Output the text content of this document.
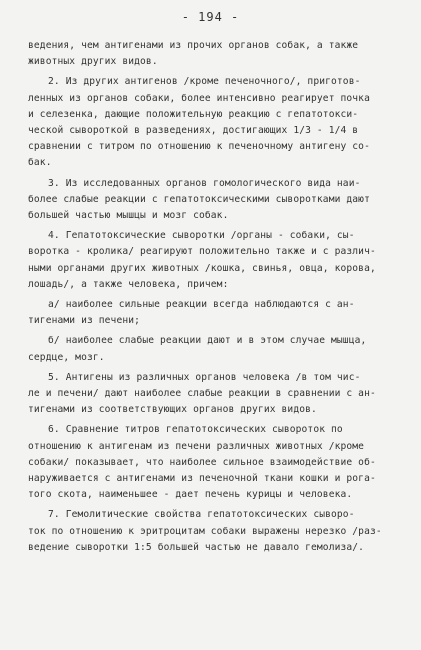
- 194 -
ведения, чем антигенами из прочих органов собак, а также
животных других видов.
2. Из других антигенов /кроме печеночного/, приготов-
ленных из органов собаки, более интенсивно реагирует почка
и селезенка, дающие положительную реакцию с гепатотокси-
ческой сывороткой в разведениях, достигающих 1/3 - 1/4 в
сравнении с титром по отношению к печеночному антигену со-
бак.
3. Из исследованных органов гомологического вида наи-
более слабые реакции с гепатотоксическими сыворотками дают
большей частью мышцы и мозг собак.
4. Гепатотоксические сыворотки /органы - собаки, сы-
воротка - кролика/ реагируют положительно также и с различ-
ными органами других животных /кошка, свинья, овца, корова,
лошадь/, а также человека, причем:
а/ наиболее сильные реакции всегда наблюдаются с ан-
тигенами из печени;
б/ наиболее слабые реакции дают и в этом случае мышца,
сердце, мозг.
5. Антигены из различных органов человека /в том чис-
ле и печени/ дают наиболее слабые реакции в сравнении с ан-
тигенами из соответствующих органов других видов.
6. Сравнение титров гепатотоксических сывороток по
отношению к антигенам из печени различных животных /кроме
собаки/ показывает, что наиболее сильное взаимодействие об-
наруживается с антигенами из печеночной ткани кошки и рога-
того скота, наименьшее - дает печень курицы и человека.
7. Гемолитические свойства гепатотоксических сыворо-
ток по отношению к эритроцитам собаки выражены нерезко /раз-
ведение сыворотки 1:5 большей частью не давало гемолиза/.
